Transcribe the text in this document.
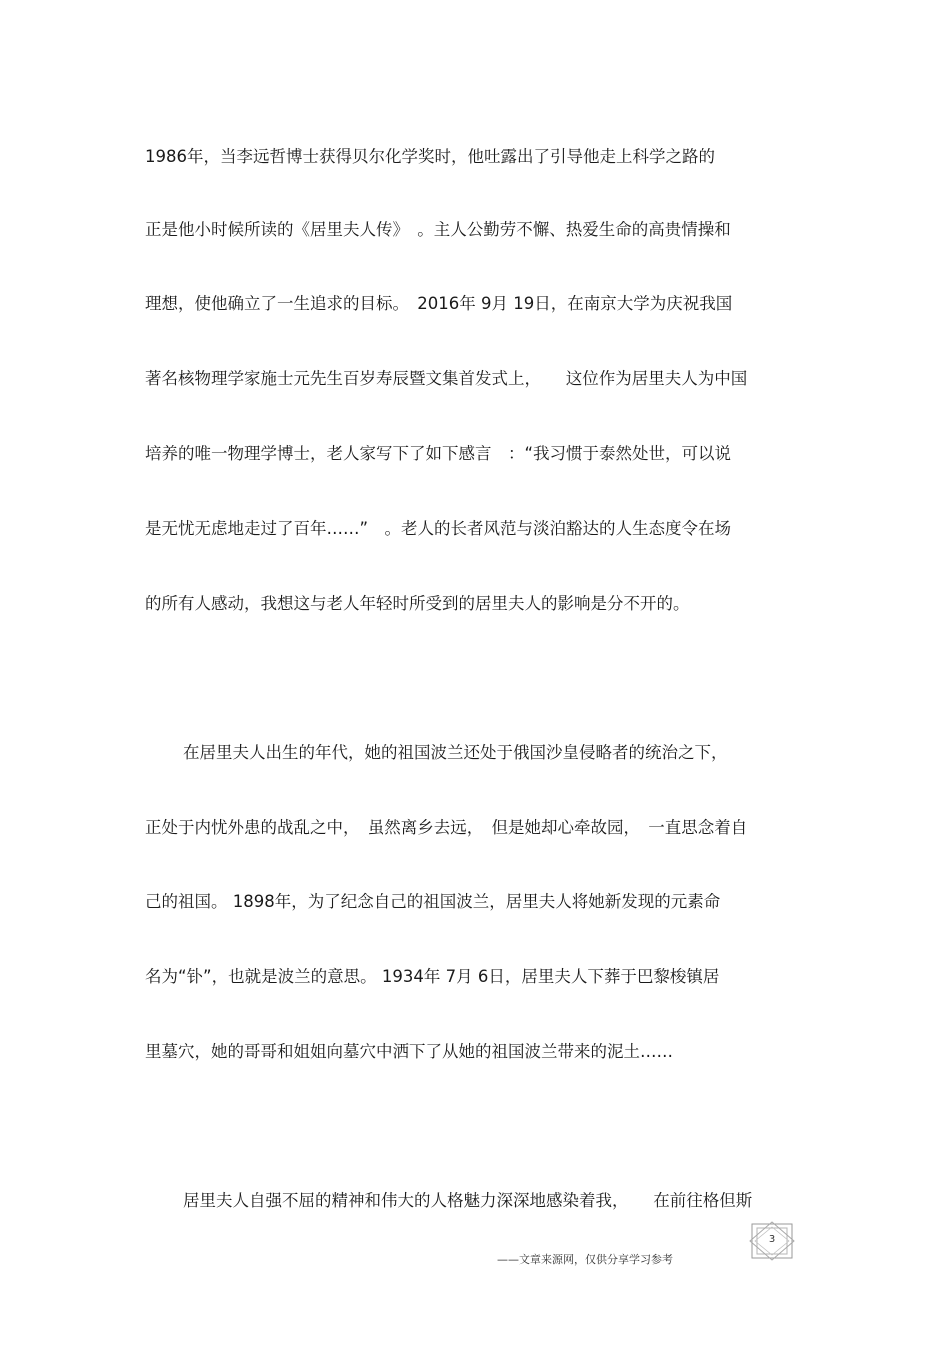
1986年，当李远哲博士获得贝尔化学奖时，他吐露出了引导他走上科学之路的
正是他小时候所读的《居里夫人传》　。主人公勤劳不懈、热爱生命的高贵情操和
理想，使他确立了一生追求的目标。　2016年 9月 19日，在南京大学为庆祝我国
著名核物理学家施士元先生百岁寿辰暨文集首发式上，　　这位作为居里夫人为中国
培养的唯一物理学博士，老人家写下了如下感言　：“我习惯于泰然处世，可以说
是无忧无虑地走过了百年……”　。老人的长者风范与淡泊豁达的人生态度令在场
的所有人感动，我想这与老人年轻时所受到的居里夫人的影响是分不开的。
在居里夫人出生的年代，她的祖国波兰还处于俄国沙皇侵略者的统治之下，
正处于内忧外患的战乱之中，　虽然离乡去远，　但是她却心牵故园，　一直思念着自
己的祖国。 1898年，为了纪念自己的祖国波兰，居里夫人将她新发现的元素命
名为“钋”，也就是波兰的意思。 1934年 7月 6日，居里夫人下葬于巴黎梭镇居
里墓穴，她的哥哥和姐姐向墓穴中洒下了从她的祖国波兰带来的泥土……
居里夫人自强不屈的精神和伟大的人格魅力深深地感染着我，　　在前往格但斯
——文章来源网，仅供分享学习参考
3
